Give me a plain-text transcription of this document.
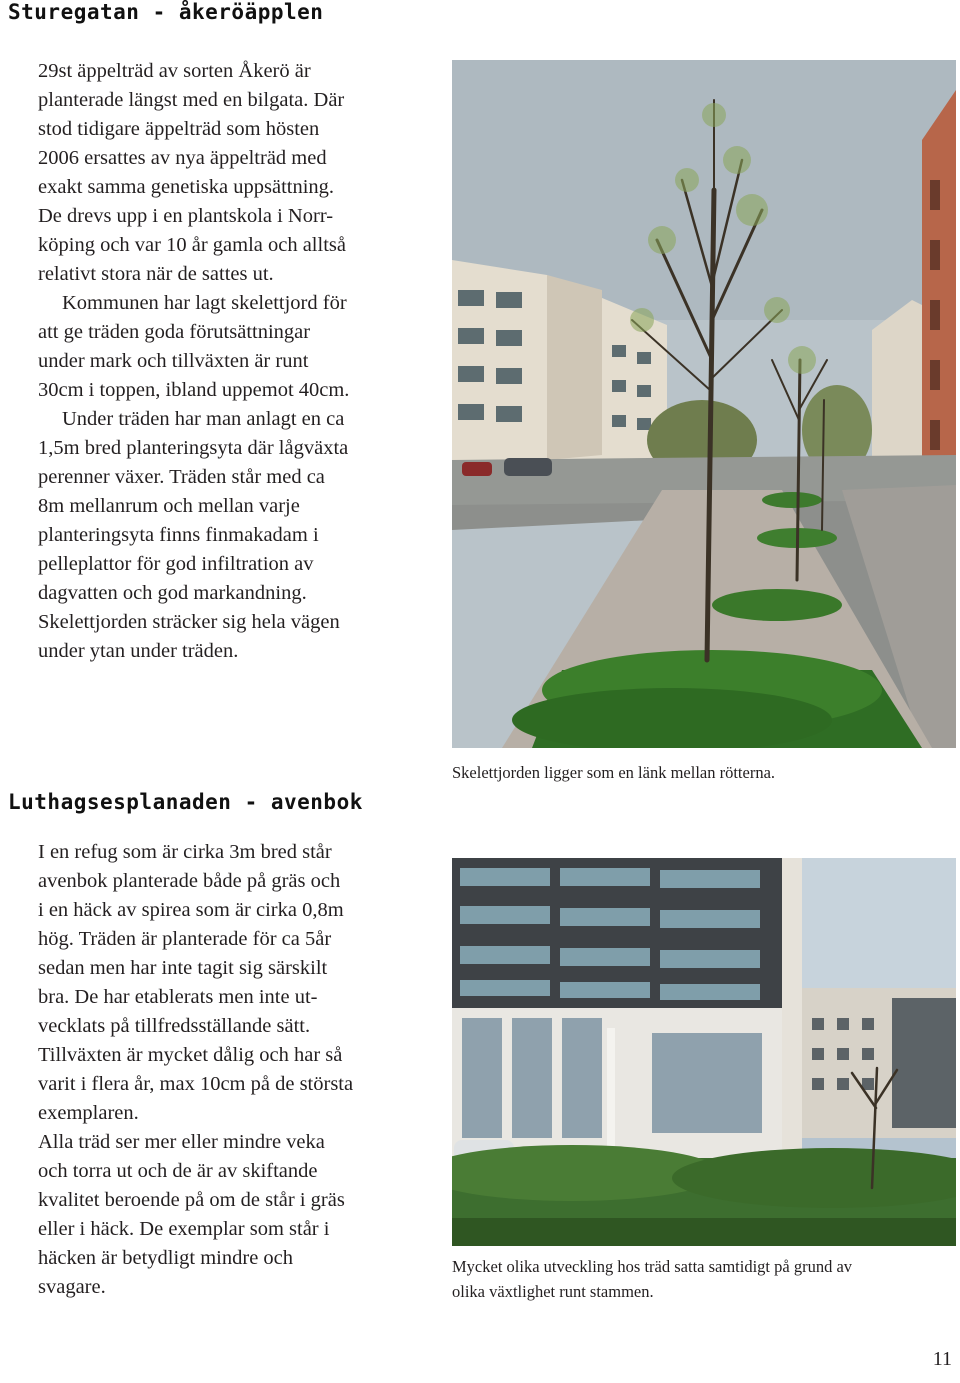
Sturegatan - åkeröäpplen

29st äppelträd av sorten Åkerö är

planterade längst med en bilgata. Där

stod tidigare äppelträd som hösten

2006 ersattes av nya äppelträd med

exakt samma genetiska uppsättning.

De drevs upp i en plantskola i Norr-

köping och var 10 år gamla och alltså

relativt stora när de sattes ut.

Kommunen har lagt skelettjord för

att ge träden goda förutsättningar

under mark och tillväxten är runt

30cm i toppen, ibland uppemot 40cm.

Under träden har man anlagt en ca

1,5m bred planteringsyta där lågväxta

perenner växer. Träden står med ca

8m mellanrum och mellan varje

planteringsyta finns finmakadam i

pelleplattor för god infiltration av

dagvatten och god markandning.

Skelettjorden sträcker sig hela vägen

under ytan under träden.

Skelettjorden ligger som en länk mellan rötterna.

Luthagsesplanaden - avenbok

I en refug som är cirka 3m bred står

avenbok planterade både på gräs och

i en häck av spirea som är cirka 0,8m

hög. Träden är planterade för ca 5år

sedan men har inte tagit sig särskilt

bra. De har etablerats men inte ut-

vecklats på tillfredsställande sätt.

Tillväxten är mycket dålig och har så

varit i flera år, max 10cm på de största

exemplaren.

Alla träd ser mer eller mindre veka

och torra ut och de är av skiftande

kvalitet beroende på om de står i gräs

eller i häck. De exemplar som står i

häcken är betydligt mindre och

svagare.

Mycket olika utveckling hos träd satta samtidigt på grund av
olika växtlighet runt stammen.
11
